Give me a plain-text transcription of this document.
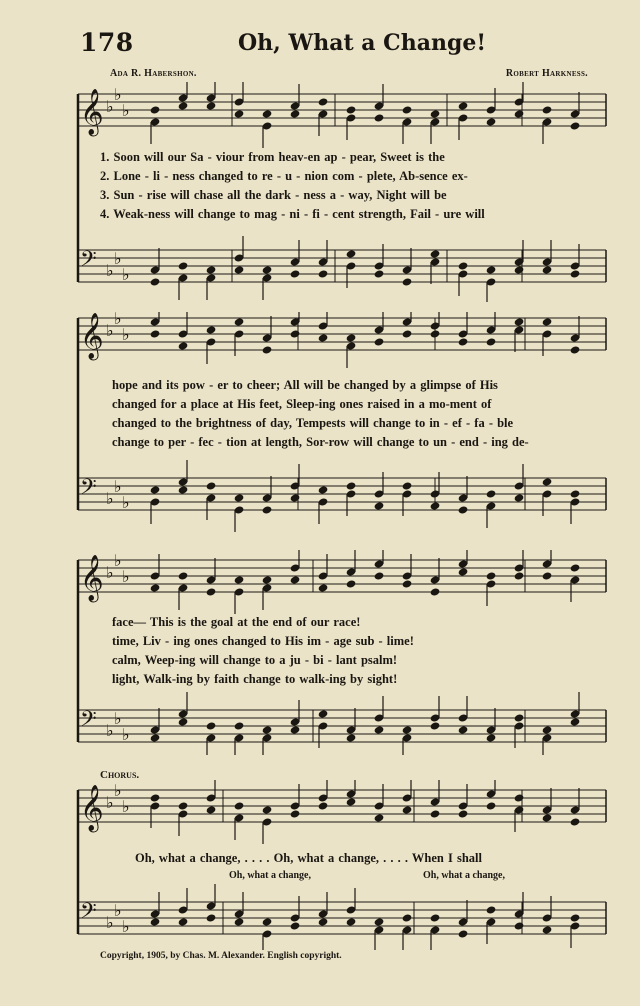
178	Oh, What a Change!
Ada R. Habershon.	Robert Harkness.
𝄞 ♭
♭
♭
𝄢 ♭
♭
♭
1. Soon will our Sa - viour from heav-en ap - pear, Sweet is the
2. Lone - li - ness changed to re - u - nion com - plete, Ab-sence ex-
3. Sun - rise will chase all the dark - ness a - way, Night will be
4. Weak-ness will change to mag - ni - fi - cent strength, Fail - ure will
𝄞 ♭
♭
♭
𝄢 ♭
♭
♭
hope and its pow - er to cheer; All will be changed by a glimpse of His
changed for a place at His feet, Sleep-ing ones raised in a mo-ment of
changed to the brightness of day, Tempests will change to in - ef - fa - ble
change to per - fec - tion at length, Sor-row will change to un - end - ing de-
𝄞 ♭
♭
♭
𝄢 ♭
♭
♭
face— This is the goal at the end of our race!
time, Liv - ing ones changed to His im - age sub - lime!
calm, Weep-ing will change to a ju - bi - lant psalm!
light, Walk-ing by faith change to walk-ing by sight!
Chorus.
𝄞 ♭
♭
♭
𝄢 ♭
♭
♭
Oh, what a change, . . . . Oh, what a change, . . . . When I shall
Oh, what a change,	Oh, what a change,
Copyright, 1905, by Chas. M. Alexander. English copyright.
